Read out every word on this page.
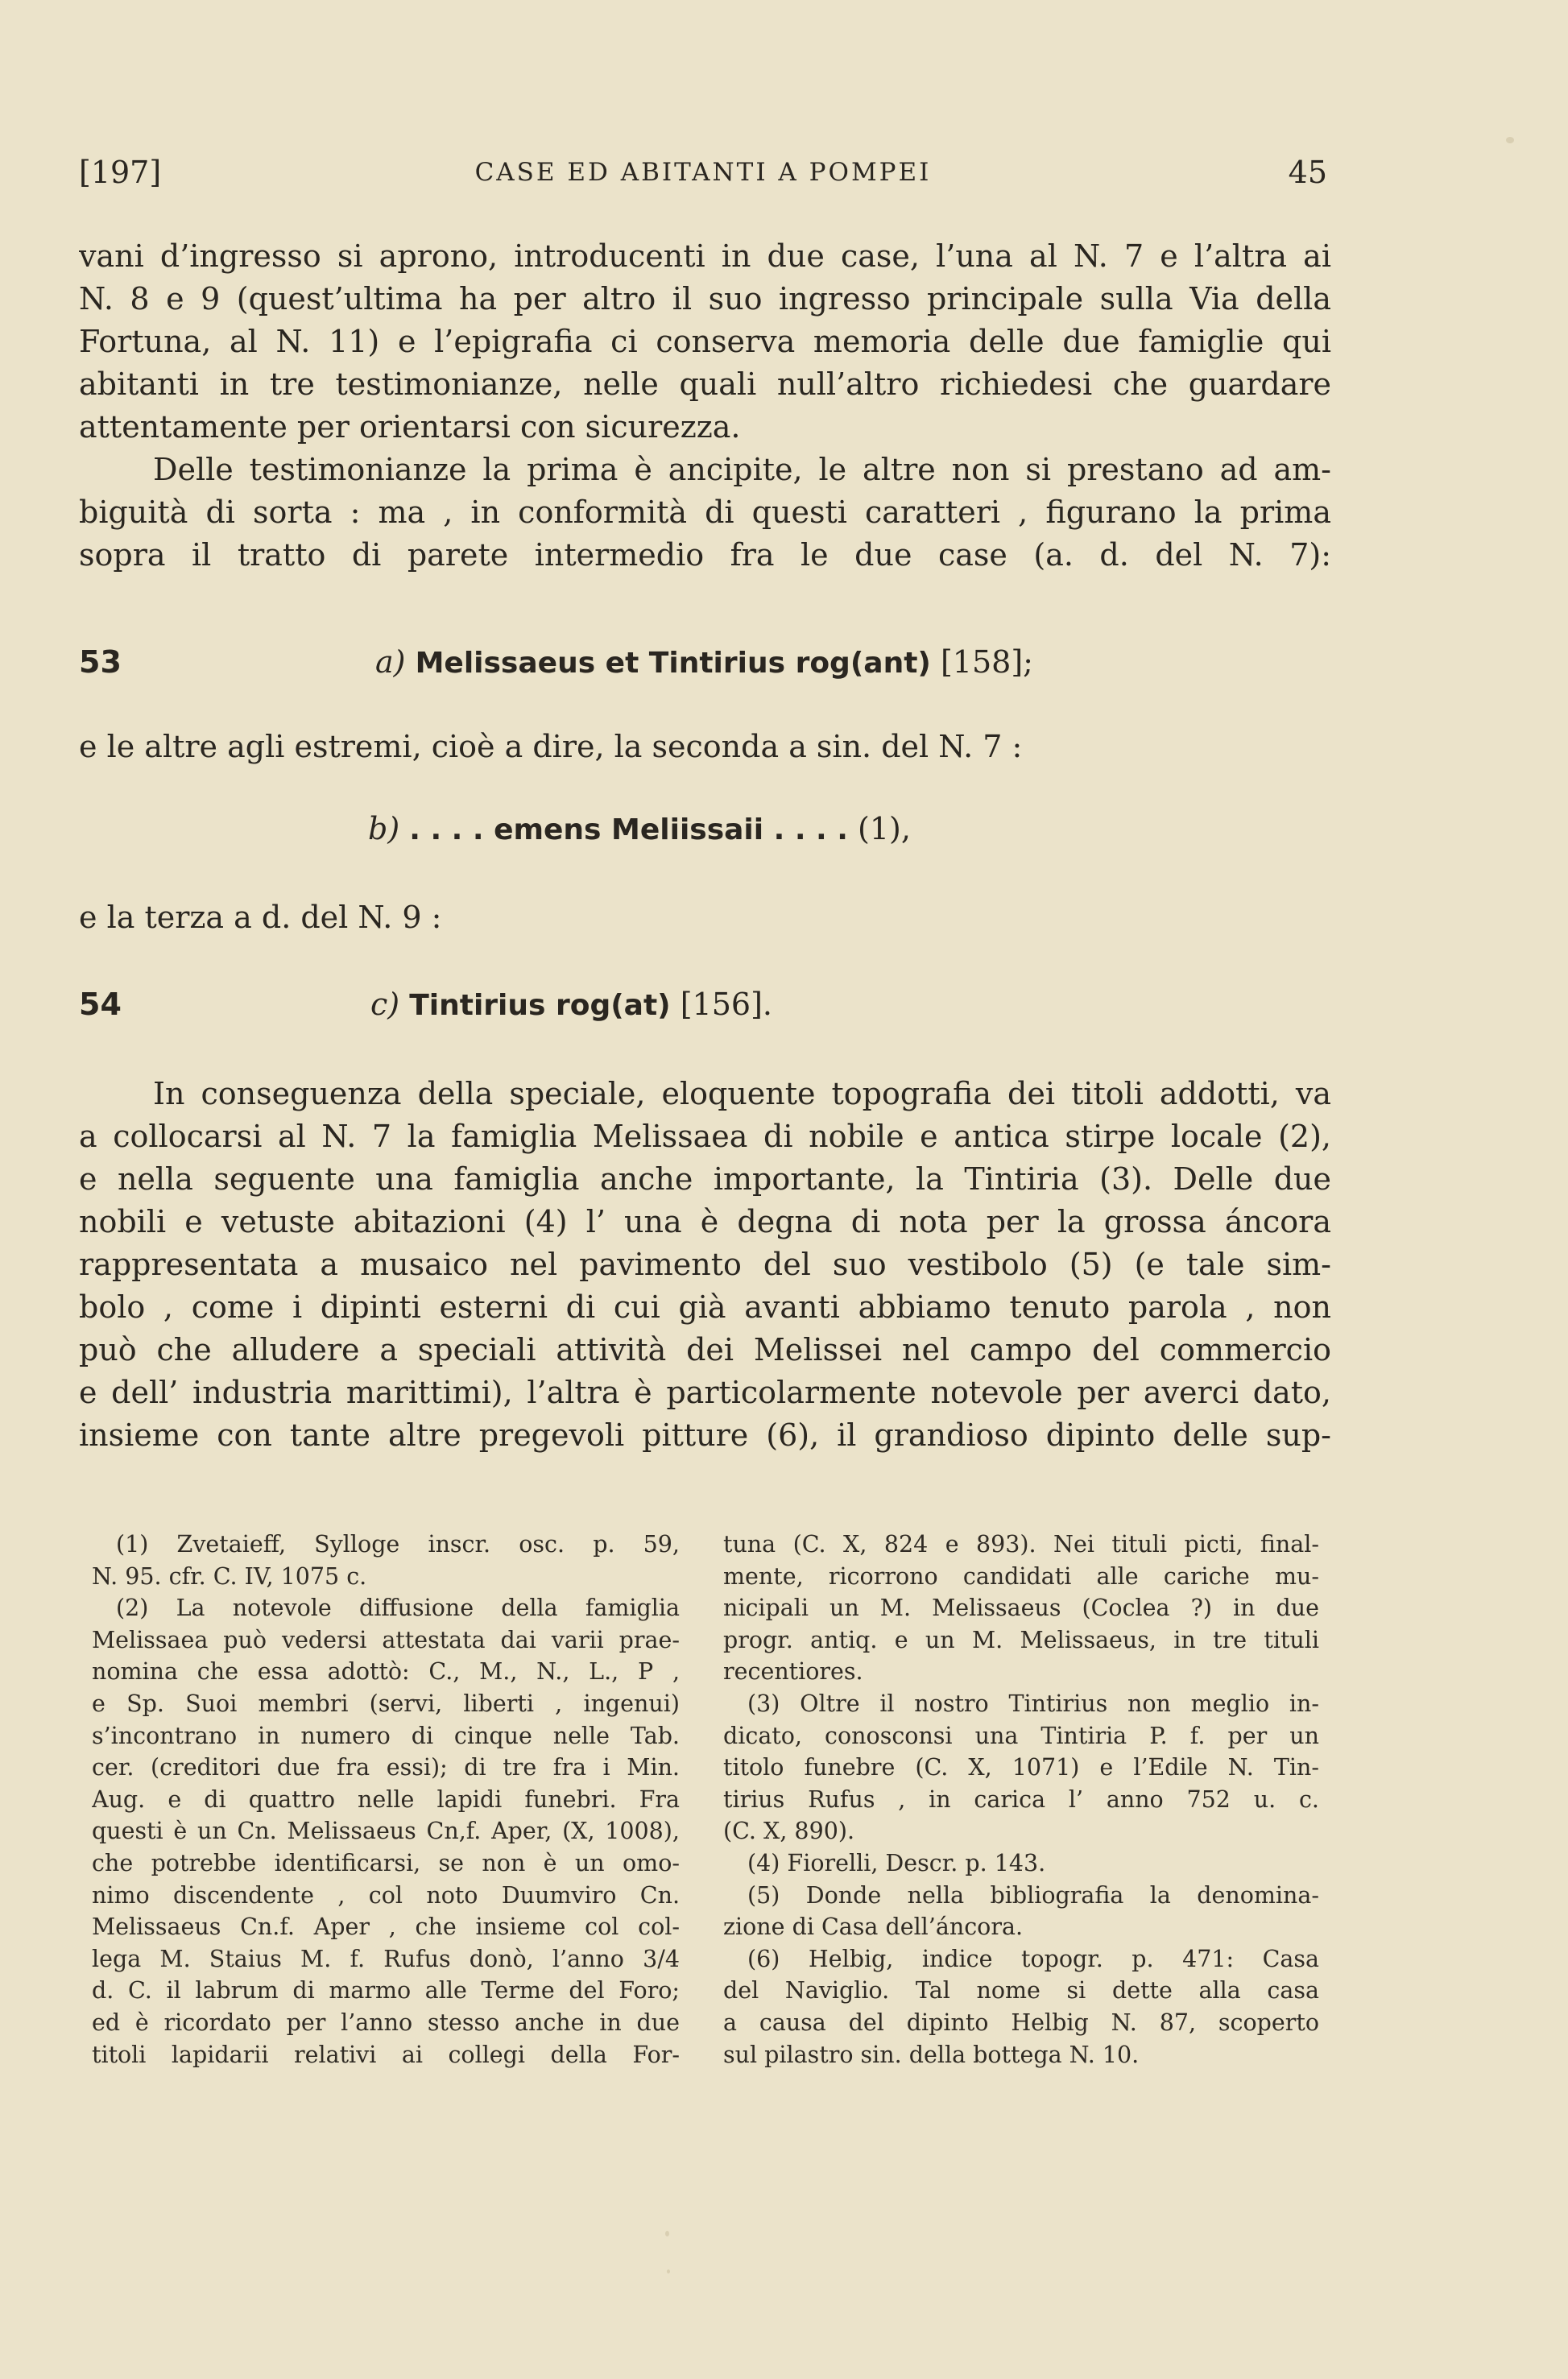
[197]	CASE ED ABITANTI A POMPEI	45
vani d’ingresso si aprono, introducenti in due case, l’una al N. 7 e l’altra ai
N. 8 e 9 (quest’ultima ha per altro il suo ingresso principale sulla Via della
Fortuna, al N. 11) e l’epigrafia ci conserva memoria delle due famiglie qui
abitanti in tre testimonianze, nelle quali null’altro richiedesi che guardare
attentamente per orientarsi con sicurezza.
Delle testimonianze la prima è ancipite, le altre non si prestano ad am-
biguità di sorta : ma , in conformità di questi caratteri , figurano la prima
sopra il tratto di parete intermedio fra le due case (a. d. del N. 7):
53	a) Melissaeus et Tintirius rog(ant) [158];
e le altre agli estremi, cioè a dire, la seconda a sin. del N. 7 :
b) . . . . emens Meliissaii . . . . (1),
e la terza a d. del N. 9 :
54	c) Tintirius rog(at) [156].
In conseguenza della speciale, eloquente topografia dei titoli addotti, va
a collocarsi al N. 7 la famiglia Melissaea di nobile e antica stirpe locale (2),
e nella seguente una famiglia anche importante, la Tintiria (3). Delle due
nobili e vetuste abitazioni (4) l’ una è degna di nota per la grossa áncora
rappresentata a musaico nel pavimento del suo vestibolo (5) (e tale sim-
bolo , come i dipinti esterni di cui già avanti abbiamo tenuto parola , non
può che alludere a speciali attività dei Melissei nel campo del commercio
e dell’ industria marittimi), l’altra è particolarmente notevole per averci dato,
insieme con tante altre pregevoli pitture (6), il grandioso dipinto delle sup-
(1) Zvetaieff, Sylloge inscr. osc. p. 59,
N. 95. cfr. C. IV, 1075 c.
(2) La notevole diffusione della famiglia
Melissaea può vedersi attestata dai varii prae-
nomina che essa adottò: C., M., N., L., P ,
e Sp. Suoi membri (servi, liberti , ingenui)
s’incontrano in numero di cinque nelle Tab.
cer. (creditori due fra essi); di tre fra i Min.
Aug. e di quattro nelle lapidi funebri. Fra
questi è un Cn. Melissaeus Cn,f. Aper, (X, 1008),
che potrebbe identificarsi, se non è un omo-
nimo discendente , col noto Duumviro Cn.
Melissaeus Cn.f. Aper , che insieme col col-
lega M. Staius M. f. Rufus donò, l’anno 3/4
d. C. il labrum di marmo alle Terme del Foro;
ed è ricordato per l’anno stesso anche in due
titoli lapidarii relativi ai collegi della For-
tuna (C. X, 824 e 893). Nei tituli picti, final-
mente, ricorrono candidati alle cariche mu-
nicipali un M. Melissaeus (Coclea ?) in due
progr. antiq. e un M. Melissaeus, in tre tituli
recentiores.
(3) Oltre il nostro Tintirius non meglio in-
dicato, conosconsi una Tintiria P. f. per un
titolo funebre (C. X, 1071) e l’Edile N. Tin-
tirius Rufus , in carica l’ anno 752 u. c.
(C. X, 890).
(4) Fiorelli, Descr. p. 143.
(5) Donde nella bibliografia la denomina-
zione di Casa dell’áncora.
(6) Helbig, indice topogr. p. 471: Casa
del Naviglio. Tal nome si dette alla casa
a causa del dipinto Helbig N. 87, scoperto
sul pilastro sin. della bottega N. 10.
